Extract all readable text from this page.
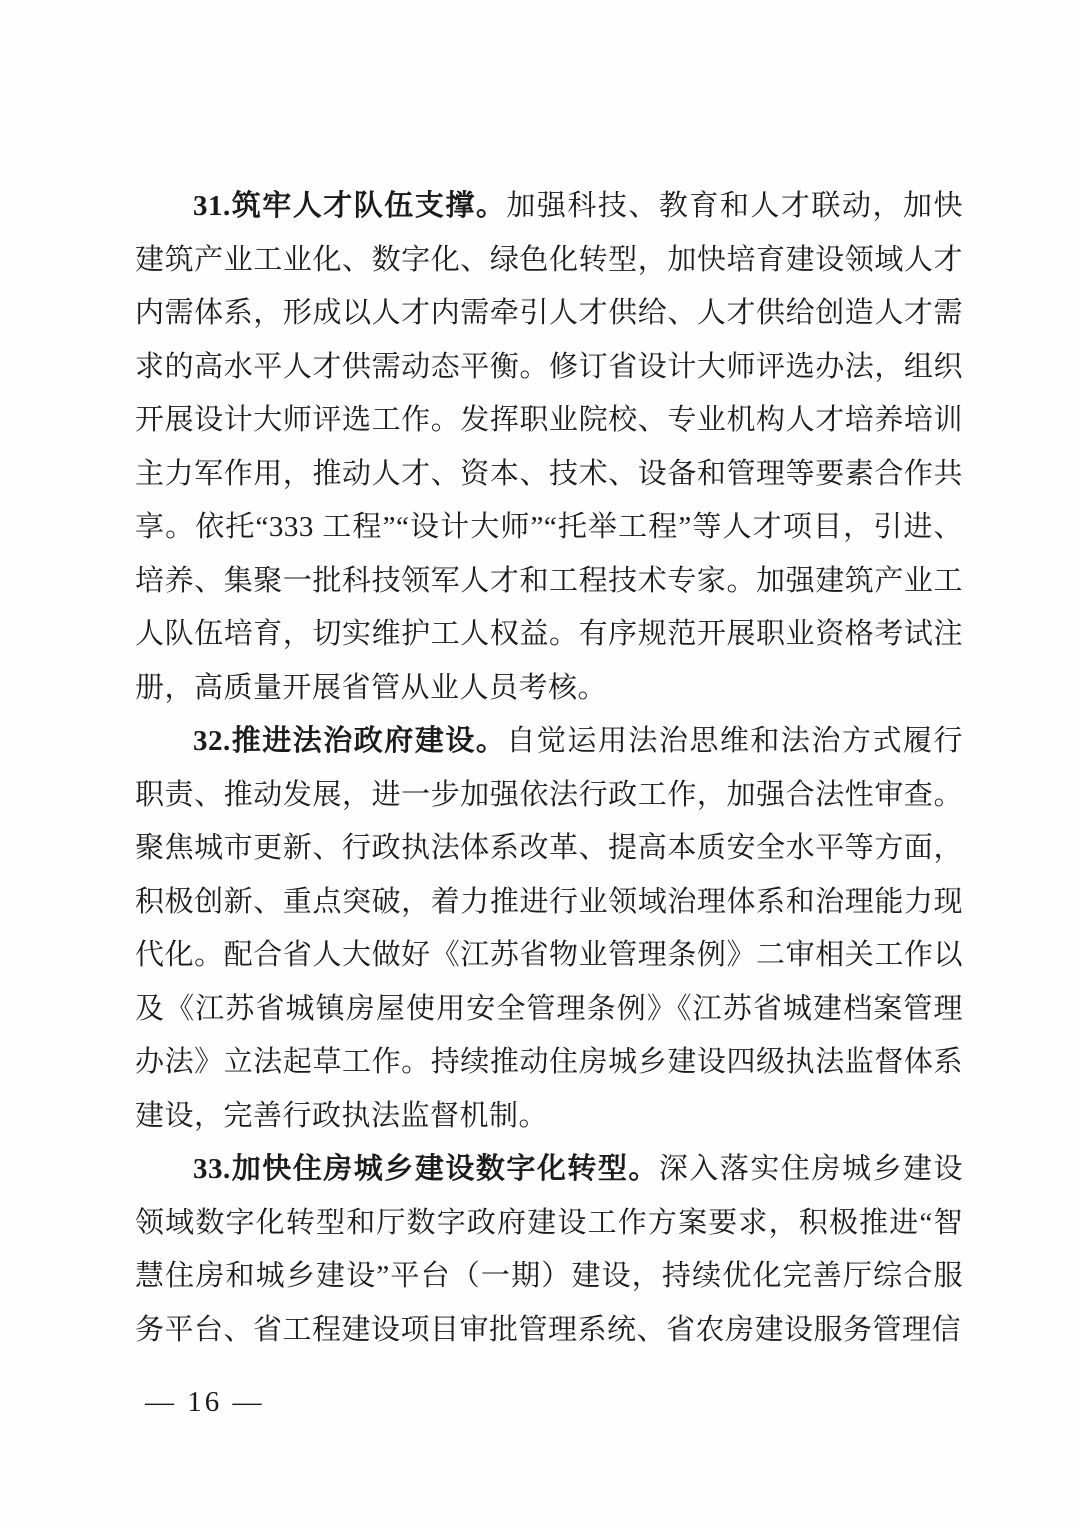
31.筑牢人才队伍支撑。加强科技、教育和人才联动，加快建筑产业工业化、数字化、绿色化转型，加快培育建设领域人才内需体系，形成以人才内需牵引人才供给、人才供给创造人才需求的高水平人才供需动态平衡。修订省设计大师评选办法，组织开展设计大师评选工作。发挥职业院校、专业机构人才培养培训主力军作用，推动人才、资本、技术、设备和管理等要素合作共享。依托“333 工程”“设计大师”“托举工程”等人才项目，引进、培养、集聚一批科技领军人才和工程技术专家。加强建筑产业工人队伍培育，切实维护工人权益。有序规范开展职业资格考试注册，高质量开展省管从业人员考核。

32.推进法治政府建设。自觉运用法治思维和法治方式履行职责、推动发展，进一步加强依法行政工作，加强合法性审查。聚焦城市更新、行政执法体系改革、提高本质安全水平等方面，积极创新、重点突破，着力推进行业领域治理体系和治理能力现代化。配合省人大做好《江苏省物业管理条例》二审相关工作以及《江苏省城镇房屋使用安全管理条例》《江苏省城建档案管理办法》立法起草工作。持续推动住房城乡建设四级执法监督体系建设，完善行政执法监督机制。

33.加快住房城乡建设数字化转型。深入落实住房城乡建设领域数字化转型和厅数字政府建设工作方案要求，积极推进“智慧住房和城乡建设”平台（一期）建设，持续优化完善厅综合服务平台、省工程建设项目审批管理系统、省农房建设服务管理信

— 16 —
